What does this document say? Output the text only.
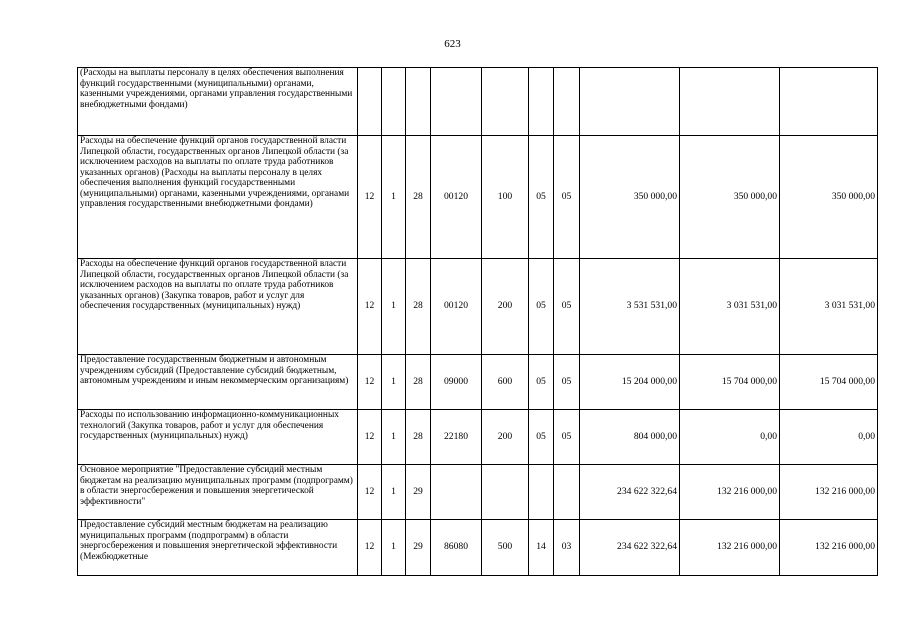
623
(Расходы на выплаты персоналу в целях обеспечения выполнения функций государственными (муниципальными) органами, казенными учреждениями, органами управления государственными внебюджетными фондами)										
Расходы на обеспечение функций органов государственной власти Липецкой области, государственных органов Липецкой области (за исключением расходов на выплаты по оплате труда работников указанных органов) (Расходы на выплаты персоналу в целях обеспечения выполнения функций государственными (муниципальными) органами, казенными учреждениями, органами управления государственными внебюджетными фондами)	12	1	28	00120	100	05	05	350 000,00	350 000,00	350 000,00
Расходы на обеспечение функций органов государственной власти Липецкой области, государственных органов Липецкой области (за исключением расходов на выплаты по оплате труда работников указанных органов) (Закупка товаров, работ и услуг для обеспечения государственных (муниципальных) нужд)	12	1	28	00120	200	05	05	3 531 531,00	3 031 531,00	3 031 531,00
Предоставление государственным бюджетным и автономным учреждениям субсидий (Предоставление субсидий бюджетным, автономным учреждениям и иным некоммерческим организациям)	12	1	28	09000	600	05	05	15 204 000,00	15 704 000,00	15 704 000,00
Расходы по использованию информационно-коммуникационных технологий (Закупка товаров, работ и услуг для обеспечения государственных (муниципальных) нужд)	12	1	28	22180	200	05	05	804 000,00	0,00	0,00
Основное мероприятие "Предоставление субсидий местным бюджетам на реализацию муниципальных программ (подпрограмм) в области энергосбережения и повышения энергетической эффективности"	12	1	29					234 622 322,64	132 216 000,00	132 216 000,00
Предоставление субсидий местным бюджетам на реализацию муниципальных программ (подпрограмм) в области энергосбережения и повышения энергетической эффективности (Межбюджетные	12	1	29	86080	500	14	03	234 622 322,64	132 216 000,00	132 216 000,00
